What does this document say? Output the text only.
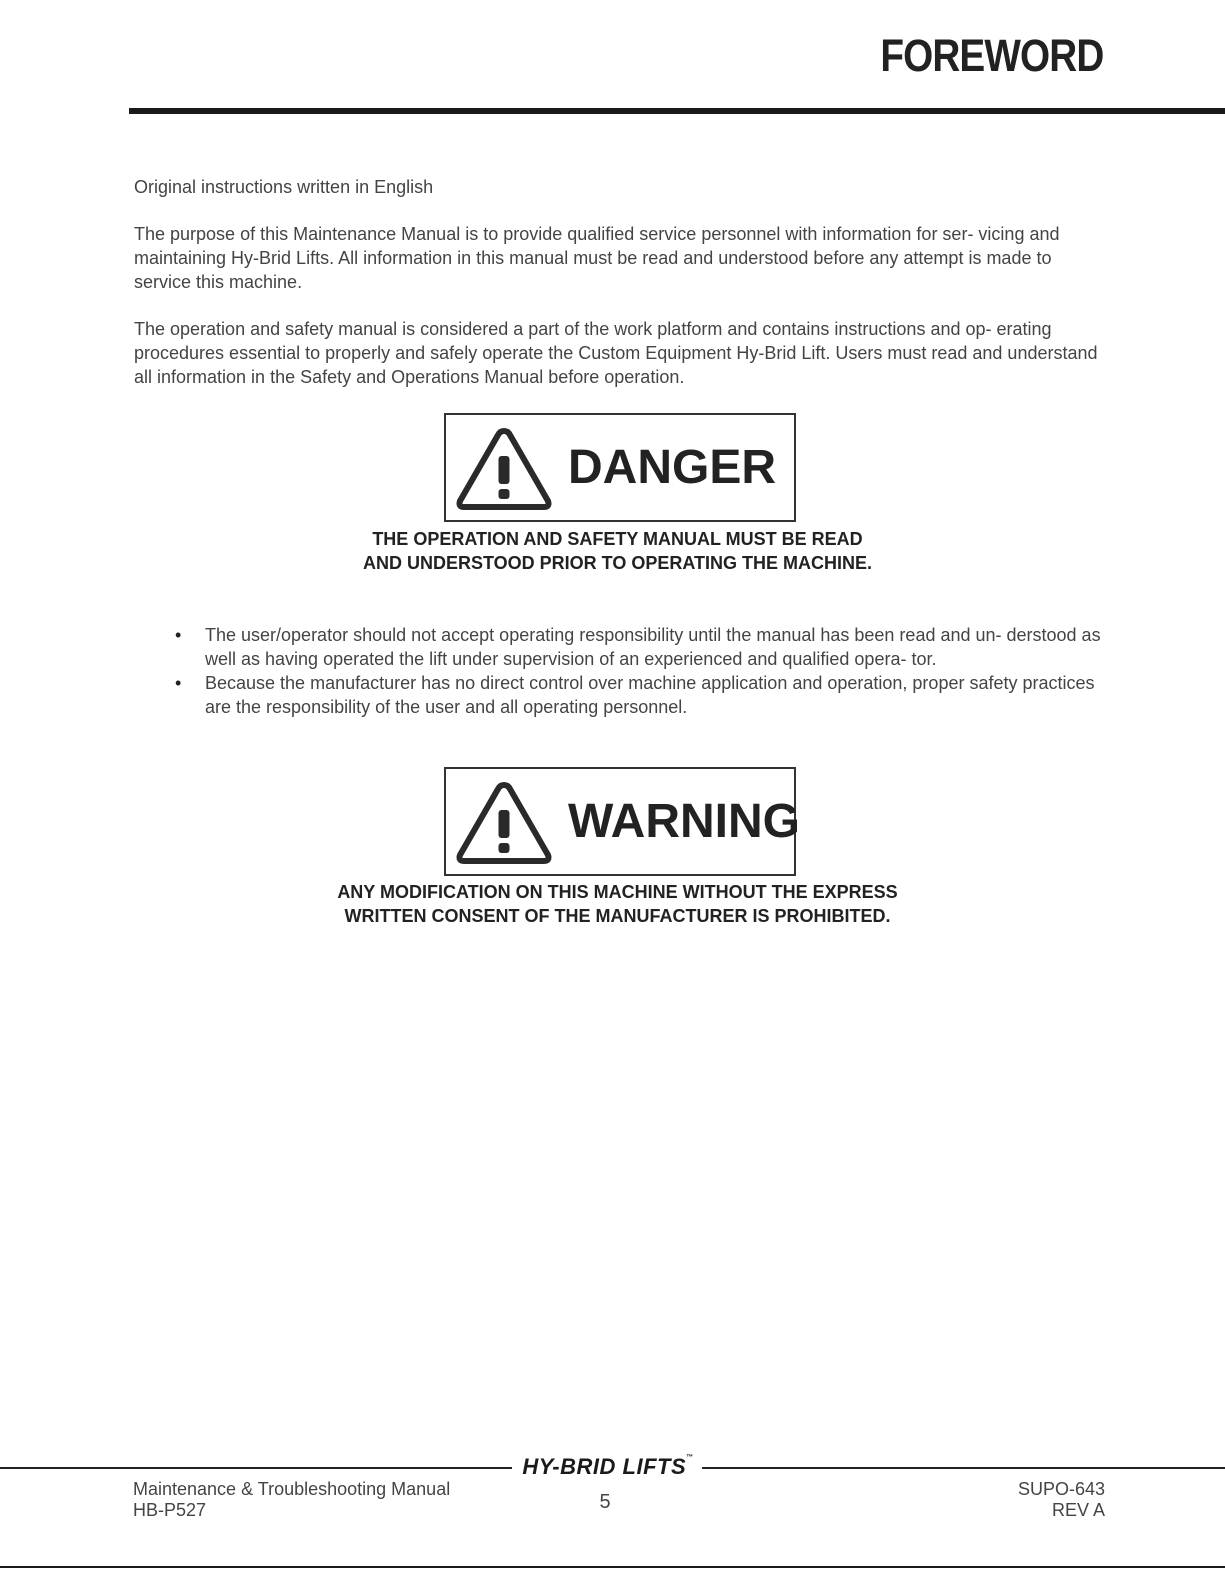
FOREWORD

Original instructions written in English

The purpose of this Maintenance Manual is to provide qualified service personnel with information for ser- vicing and maintaining Hy-Brid Lifts. All information in this manual must be read and understood before any attempt is made to service this machine.

The operation and safety manual is considered a part of the work platform and contains instructions and op- erating procedures essential to properly and safely operate the Custom Equipment Hy-Brid Lift. Users must read and understand all information in the Safety and Operations Manual before operation.

DANGER
THE OPERATION AND SAFETY MANUAL MUST BE READ
AND UNDERSTOOD PRIOR TO OPERATING THE MACHINE.
• The user/operator should not accept operating responsibility until the manual has been read and un- derstood as well as having operated the lift under supervision of an experienced and qualified opera- tor.
• Because the manufacturer has no direct control over machine application and operation, proper safety practices are the responsibility of the user and all operating personnel.
WARNING
ANY MODIFICATION ON THIS MACHINE WITHOUT THE EXPRESS
WRITTEN CONSENT OF THE MANUFACTURER IS PROHIBITED.
HY-BRID LIFTS™
Maintenance & Troubleshooting Manual
HB-P527	5
SUPO-643
REV A
